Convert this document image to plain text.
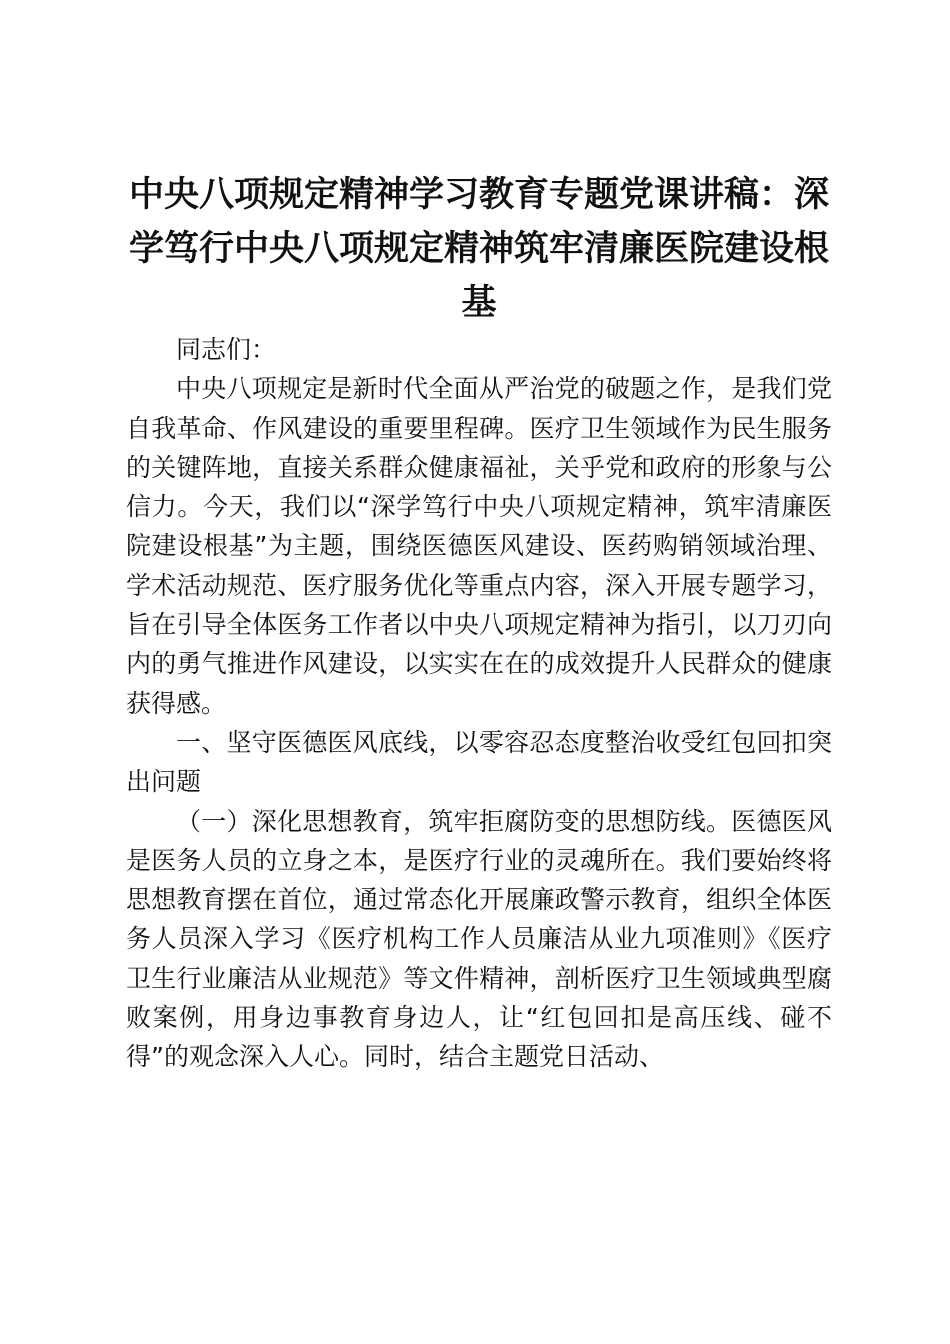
中央八项规定精神学习教育专题党课讲稿：深学笃行中央八项规定精神筑牢清廉医院建设根基

同志们：

中央八项规定是新时代全面从严治党的破题之作，是我们党自我革命、作风建设的重要里程碑。医疗卫生领域作为民生服务的关键阵地，直接关系群众健康福祉，关乎党和政府的形象与公信力。今天，我们以“深学笃行中央八项规定精神，筑牢清廉医院建设根基”为主题，围绕医德医风建设、医药购销领域治理、学术活动规范、医疗服务优化等重点内容，深入开展专题学习，旨在引导全体医务工作者以中央八项规定精神为指引，以刀刃向内的勇气推进作风建设，以实实在在的成效提升人民群众的健康获得感。

一、坚守医德医风底线，以零容忍态度整治收受红包回扣突出问题

（一）深化思想教育，筑牢拒腐防变的思想防线。医德医风是医务人员的立身之本，是医疗行业的灵魂所在。我们要始终将思想教育摆在首位，通过常态化开展廉政警示教育，组织全体医务人员深入学习《医疗机构工作人员廉洁从业九项准则》《医疗卫生行业廉洁从业规范》等文件精神，剖析医疗卫生领域典型腐败案例，用身边事教育身边人，让“红包回扣是高压线、碰不得”的观念深入人心。同时，结合主题党日活动、
